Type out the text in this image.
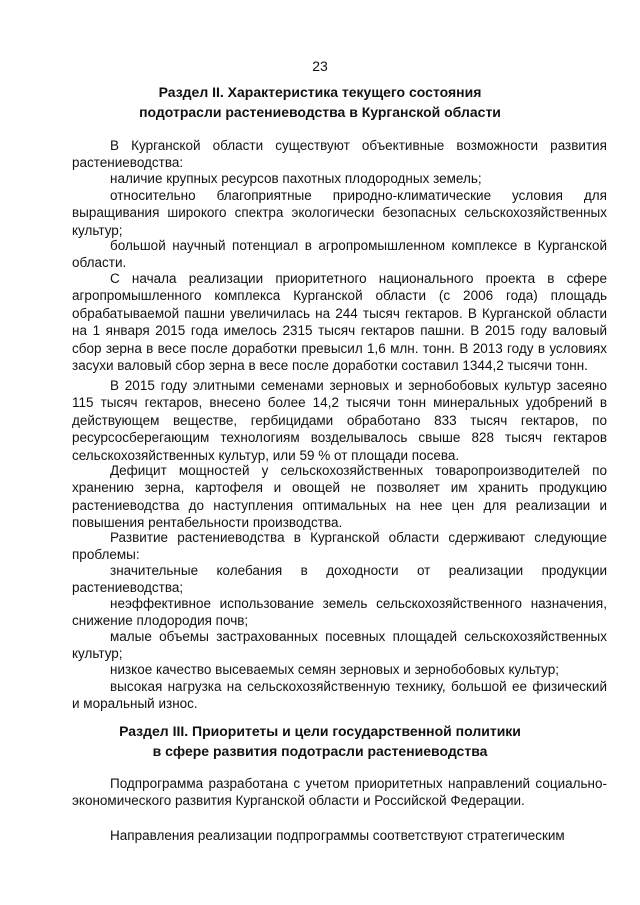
23
Раздел II. Характеристика текущего состояния
подотрасли растениеводства в Курганской области

В Курганской области существуют объективные возможности развития растениеводства:

наличие крупных ресурсов пахотных плодородных земель;

относительно благоприятные природно-климатические условия для выращивания широкого спектра экологически безопасных сельскохозяйственных культур;

большой научный потенциал в агропромышленном комплексе в Курганской области.

С начала реализации приоритетного национального проекта в сфере агропромышленного комплекса Курганской области (с 2006 года) площадь обрабатываемой пашни увеличилась на 244 тысяч гектаров. В Курганской области на 1 января 2015 года имелось 2315 тысяч гектаров пашни. В 2015 году валовый сбор зерна в весе после доработки превысил 1,6 млн. тонн. В 2013 году в условиях засухи валовый сбор зерна в весе после доработки составил 1344,2 тысячи тонн.

В 2015 году элитными семенами зерновых и зернобобовых культур засеяно 115 тысяч гектаров, внесено более 14,2 тысячи тонн минеральных удобрений в действующем веществе, гербицидами обработано 833 тысяч гектаров, по ресурсосберегающим технологиям возделывалось свыше 828 тысяч гектаров сельскохозяйственных культур, или 59 % от площади посева.

Дефицит мощностей у сельскохозяйственных товаропроизводителей по хранению зерна, картофеля и овощей не позволяет им хранить продукцию растениеводства до наступления оптимальных на нее цен для реализации и повышения рентабельности производства.

Развитие растениеводства в Курганской области сдерживают следующие проблемы:

значительные колебания в доходности от реализации продукции растениеводства;

неэффективное использование земель сельскохозяйственного назначения, снижение плодородия почв;

малые объемы застрахованных посевных площадей сельскохозяйственных культур;

низкое качество высеваемых семян зерновых и зернобобовых культур;

высокая нагрузка на сельскохозяйственную технику, большой ее физический и моральный износ.

Раздел III. Приоритеты и цели государственной политики
в сфере развития подотрасли растениеводства

Подпрограмма разработана с учетом приоритетных направлений социально-экономического развития Курганской области и Российской Федерации.

Направления реализации подпрограммы соответствуют стратегическим
